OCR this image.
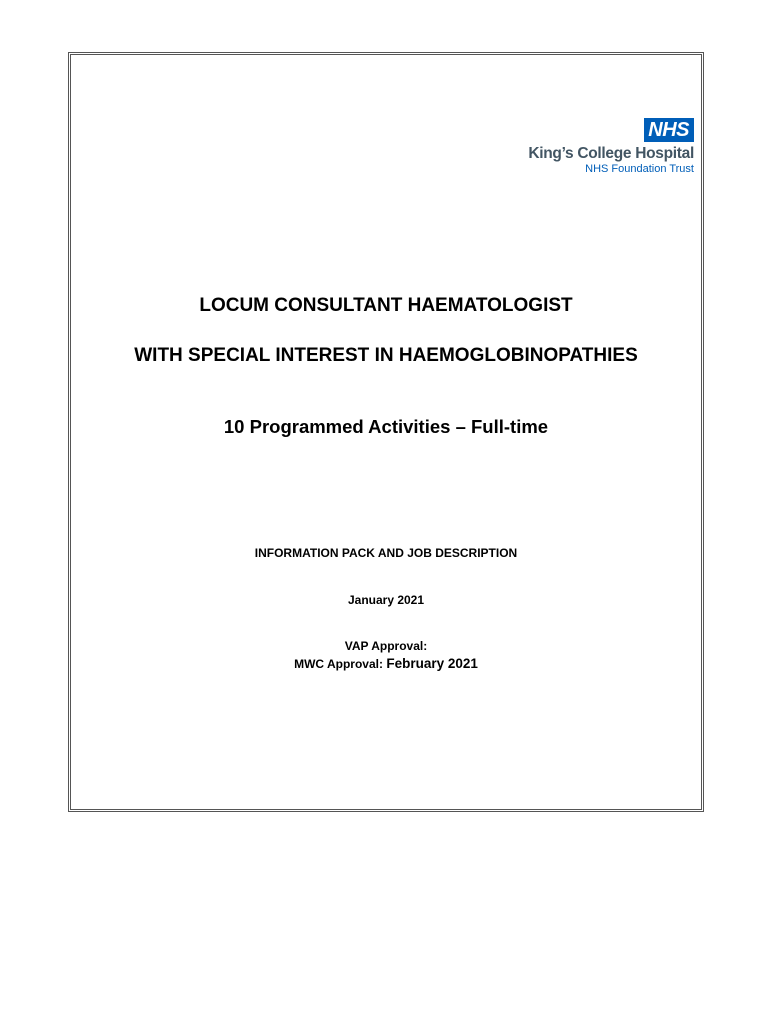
NHS
King’s College Hospital
NHS Foundation Trust

LOCUM CONSULTANT HAEMATOLOGIST

WITH SPECIAL INTEREST IN HAEMOGLOBINOPATHIES

10 Programmed Activities – Full-time

INFORMATION PACK AND JOB DESCRIPTION

January 2021

VAP Approval:

MWC Approval: February 2021
